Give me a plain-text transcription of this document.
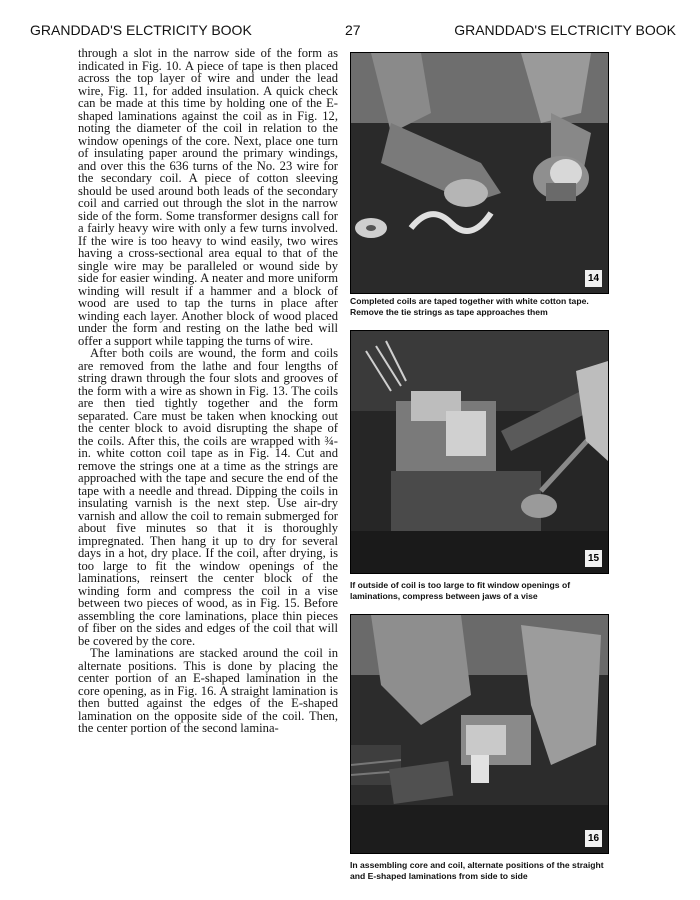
GRANDDAD'S ELCTRICITY BOOK	27	GRANDDAD'S ELCTRICITY BOOK

through a slot in the narrow side of the form as indicated in Fig. 10. A piece of tape is then placed across the top layer of wire and under the lead wire, Fig. 11, for added insulation. A quick check can be made at this time by holding one of the E-shaped laminations against the coil as in Fig. 12, noting the diameter of the coil in relation to the window openings of the core. Next, place one turn of insulating paper around the primary windings, and over this the 636 turns of the No. 23 wire for the secondary coil. A piece of cotton sleeving should be used around both leads of the secondary coil and carried out through the slot in the narrow side of the form. Some transformer designs call for a fairly heavy wire with only a few turns involved. If the wire is too heavy to wind easily, two wires having a cross-sectional area equal to that of the single wire may be paralleled or wound side by side for easier winding. A neater and more uniform winding will result if a hammer and a block of wood are used to tap the turns in place after winding each layer. Another block of wood placed under the form and resting on the lathe bed will offer a support while tapping the turns of wire.

After both coils are wound, the form and coils are removed from the lathe and four lengths of string drawn through the four slots and grooves of the form with a wire as shown in Fig. 13. The coils are then tied tightly together and the form separated. Care must be taken when knocking out the center block to avoid disrupting the shape of the coils. After this, the coils are wrapped with ¾-in. white cotton coil tape as in Fig. 14. Cut and remove the strings one at a time as the strings are approached with the tape and secure the end of the tape with a needle and thread. Dipping the coils in insulating varnish is the next step. Use air-dry varnish and allow the coil to remain submerged for about five minutes so that it is thoroughly impregnated. Then hang it up to dry for several days in a hot, dry place. If the coil, after drying, is too large to fit the window openings of the laminations, reinsert the center block of the winding form and compress the coil in a vise between two pieces of wood, as in Fig. 15. Before assembling the core laminations, place thin pieces of fiber on the sides and edges of the coil that will be covered by the core.

The laminations are stacked around the coil in alternate positions. This is done by placing the center portion of an E-shaped lamination in the core opening, as in Fig. 16. A straight lamination is then butted against the edges of the E-shaped lamination on the opposite side of the coil. Then, the center portion of the second lamina-

14
Completed coils are taped together with white cotton tape. Remove the tie strings as tape approaches them
15
If outside of coil is too large to fit window openings of laminations, compress between jaws of a vise
16
In assembling core and coil, alternate positions of the straight and E-shaped laminations from side to side
